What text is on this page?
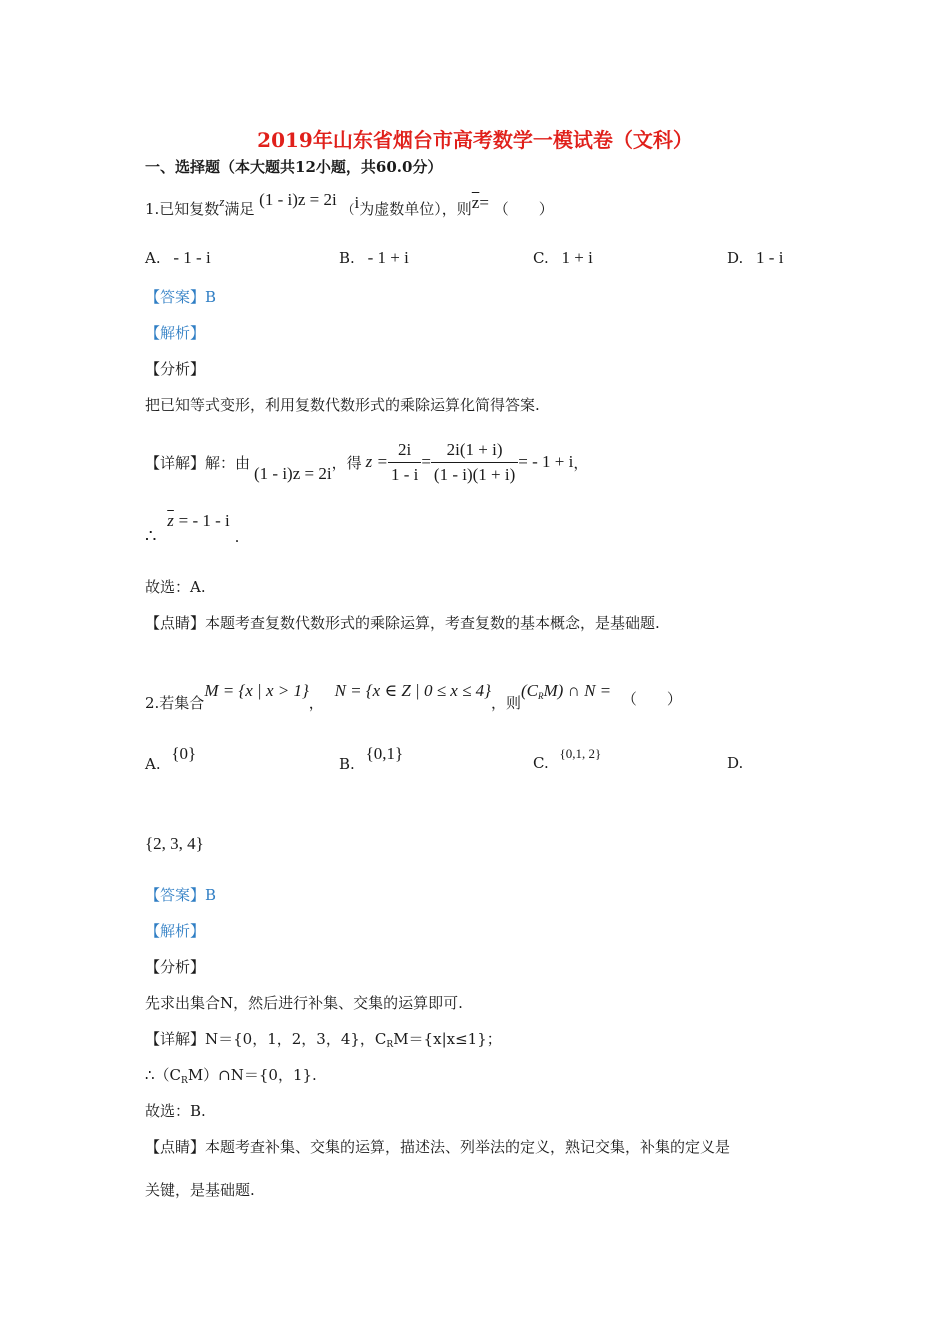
2019年山东省烟台市高考数学一模试卷（文科）
一、选择题（本大题共12小题，共60.0分）
1.已知复数z满足 (1 - i)z = 2i （i为虚数单位），则$\overline{z}=$ （　　）
A. - 1 - i	B. - 1 + i	C. 1 + i	D. 1 - i
【答案】B
【解析】
【分析】
把已知等式变形，利用复数代数形式的乘除运算化简得答案.
【详解】解：由
(1 - i)z = 2i
，得 $z = \frac{2i}{1 - i} = \frac{2i(1 + i)}{(1 - i)(1 + i)}$ = - 1 + i ，
∴ $\overline{z}$ = - 1 - i .
故选：A.
【点睛】本题考查复数代数形式的乘除运算，考查复数的基本概念，是基础题.
2.若集合M = {x | x > 1}， N = {x ∈ Z | 0 ≤ x ≤ 4}，则$(C_RM)$ ∩ N = （　　）
A. {0}
B. {0,1}	C. {0,1, 2}
D.
{2, 3, 4}
【答案】B
【解析】
【分析】
先求出集合N，然后进行补集、交集的运算即可.
【详解】N＝{0，1，2，3，4}，$C_RM=\{x|x\le 1\}$；
$\therefore(C_RM)\cap N=\{0$，1}.
故选：B.
【点睛】本题考查补集、交集的运算，描述法、列举法的定义，熟记交集，补集的定义是
关键，是基础题.
